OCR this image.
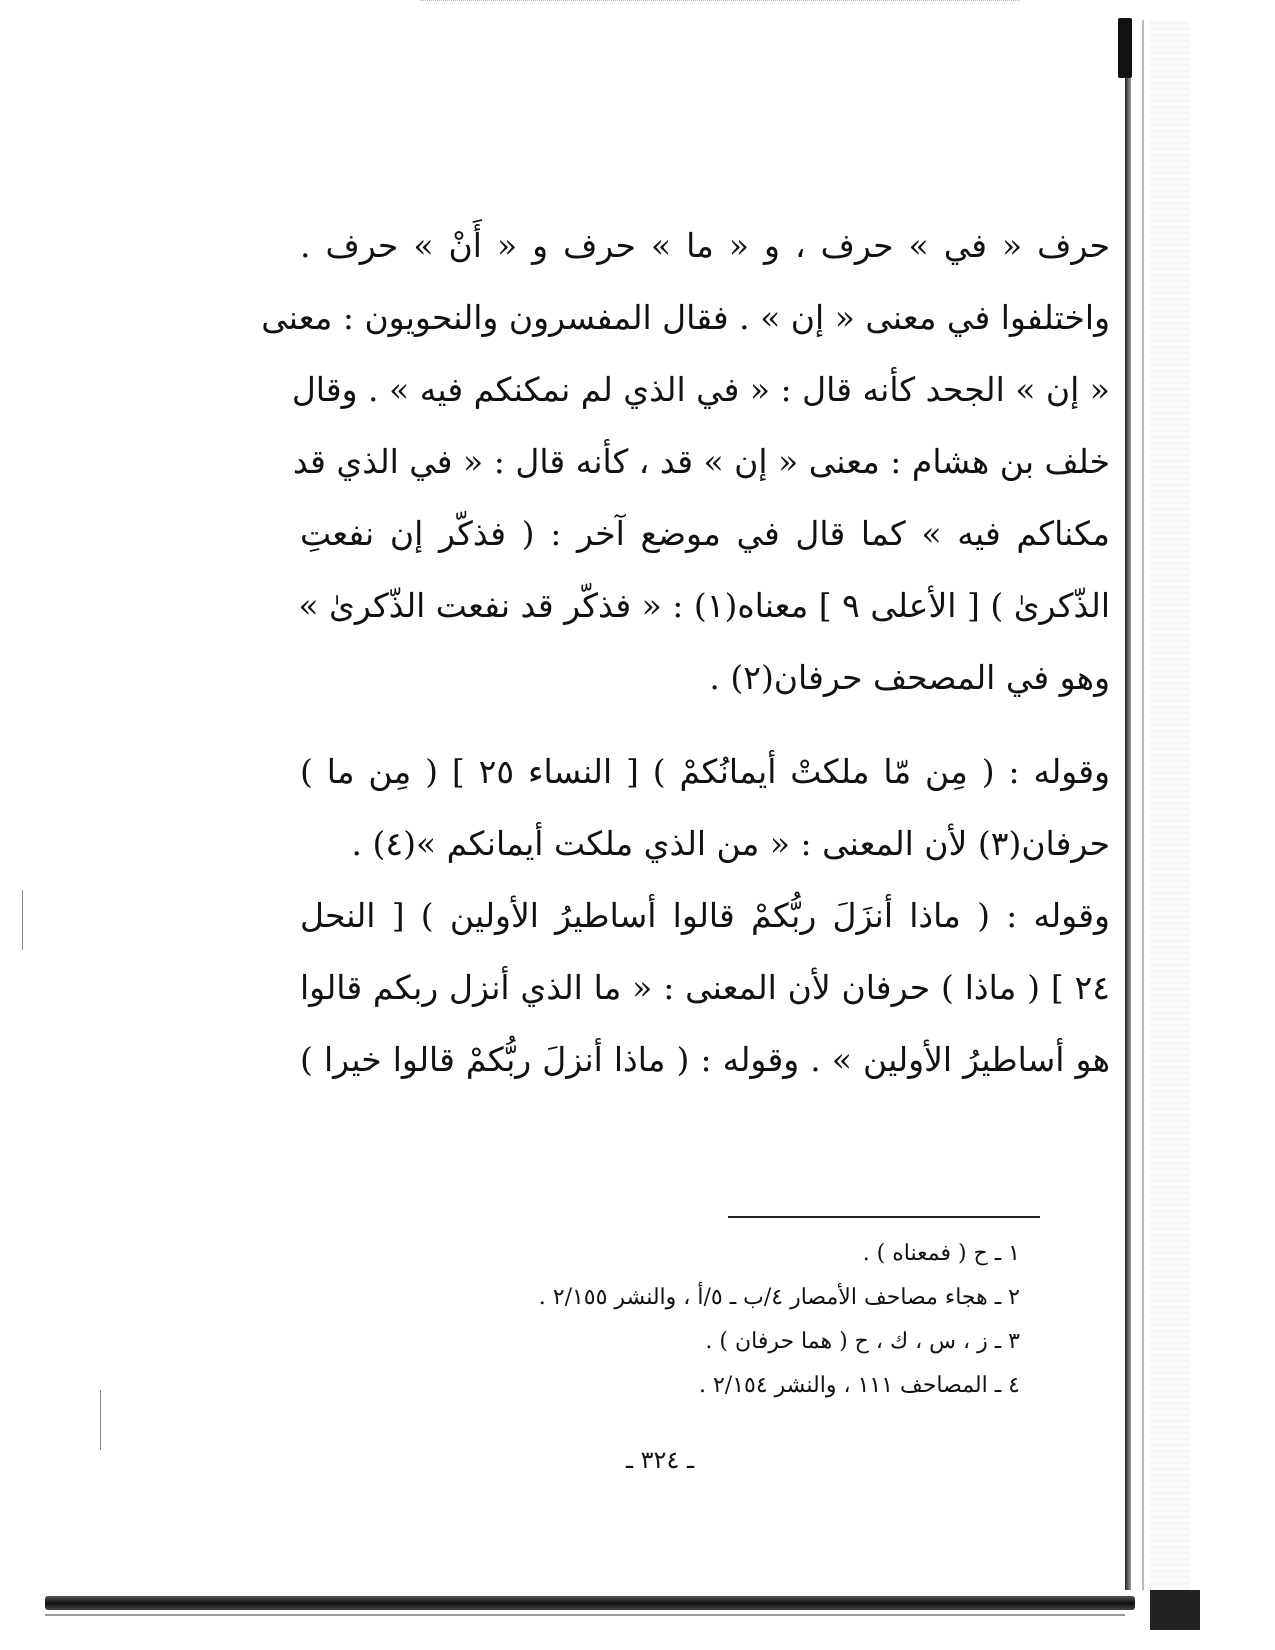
حرف « في » حرف ، و « ما » حرف و « أَنْ » حرف .
واختلفوا في معنى « إن » . فقال المفسرون والنحويون : معنى
« إن » الجحد كأنه قال : « في الذي لم نمكنكم فيه » . وقال
خلف بن هشام : معنى « إن » قد ، كأنه قال : « في الذي قد
مكناكم فيه » كما قال في موضع آخر : ( فذكّر إن نفعتِ
الذّكرىٰ ) [ الأعلى ٩ ] معناه(١) : « فذكّر قد نفعت الذّكرىٰ »
وهو في المصحف حرفان(٢) .
وقوله : ( مِن مّا ملكتْ أيمانُكمْ ) [ النساء ٢٥ ] ( مِن ما )
حرفان(٣) لأن المعنى : « من الذي ملكت أيمانكم »(٤) .
وقوله : ( ماذا أنزَلَ ربُّكمْ قالوا أساطيرُ الأولين ) [ النحل
٢٤ ] ( ماذا ) حرفان لأن المعنى : « ما الذي أنزل ربكم قالوا
هو أساطيرُ الأولين » . وقوله : ( ماذا أنزلَ ربُّكمْ قالوا خيرا )
١ ـ ح ( فمعناه ) .
٢ ـ هجاء مصاحف الأمصار ٤/ب ـ ٥/أ ، والنشر ٢/١٥٥ .
٣ ـ ز ، س ، ك ، ح ( هما حرفان ) .
٤ ـ المصاحف ١١١ ، والنشر ٢/١٥٤ .
ـ ٣٢٤ ـ
